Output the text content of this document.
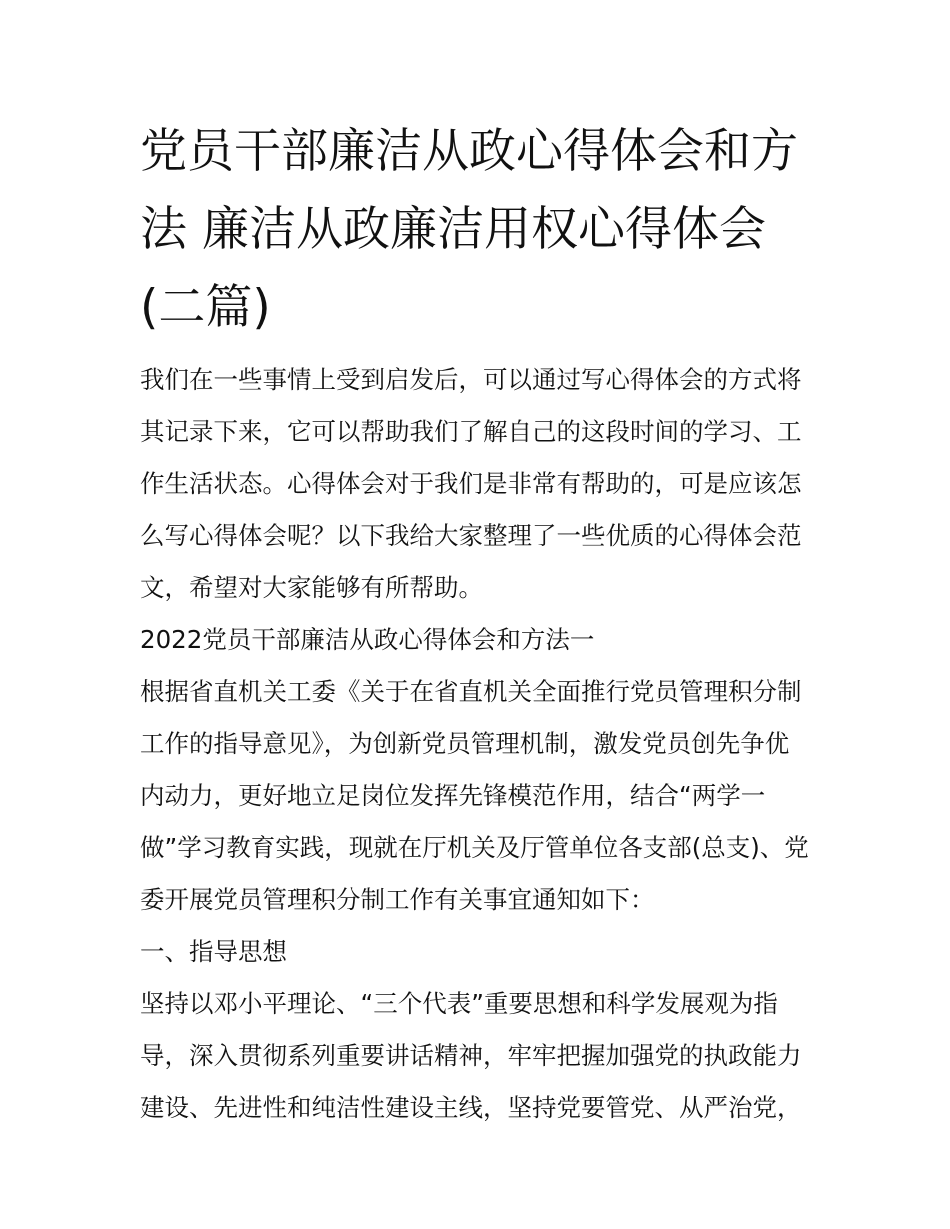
党员干部廉洁从政心得体会和方法 廉洁从政廉洁用权心得体会(二篇)

我们在一些事情上受到启发后，可以通过写心得体会的方式将其记录下来，它可以帮助我们了解自己的这段时间的学习、工作生活状态。心得体会对于我们是非常有帮助的，可是应该怎么写心得体会呢？以下我给大家整理了一些优质的心得体会范文，希望对大家能够有所帮助。

2022党员干部廉洁从政心得体会和方法一

根据省直机关工委《关于在省直机关全面推行党员管理积分制工作的指导意见》，为创新党员管理机制，激发党员创先争优内动力，更好地立足岗位发挥先锋模范作用，结合“两学一做”学习教育实践，现就在厅机关及厅管单位各支部(总支)、党委开展党员管理积分制工作有关事宜通知如下：

一、指导思想

坚持以邓小平理论、“三个代表”重要思想和科学发展观为指导，深入贯彻系列重要讲话精神，牢牢把握加强党的执政能力建设、先进性和纯洁性建设主线，坚持党要管党、从严治党，
